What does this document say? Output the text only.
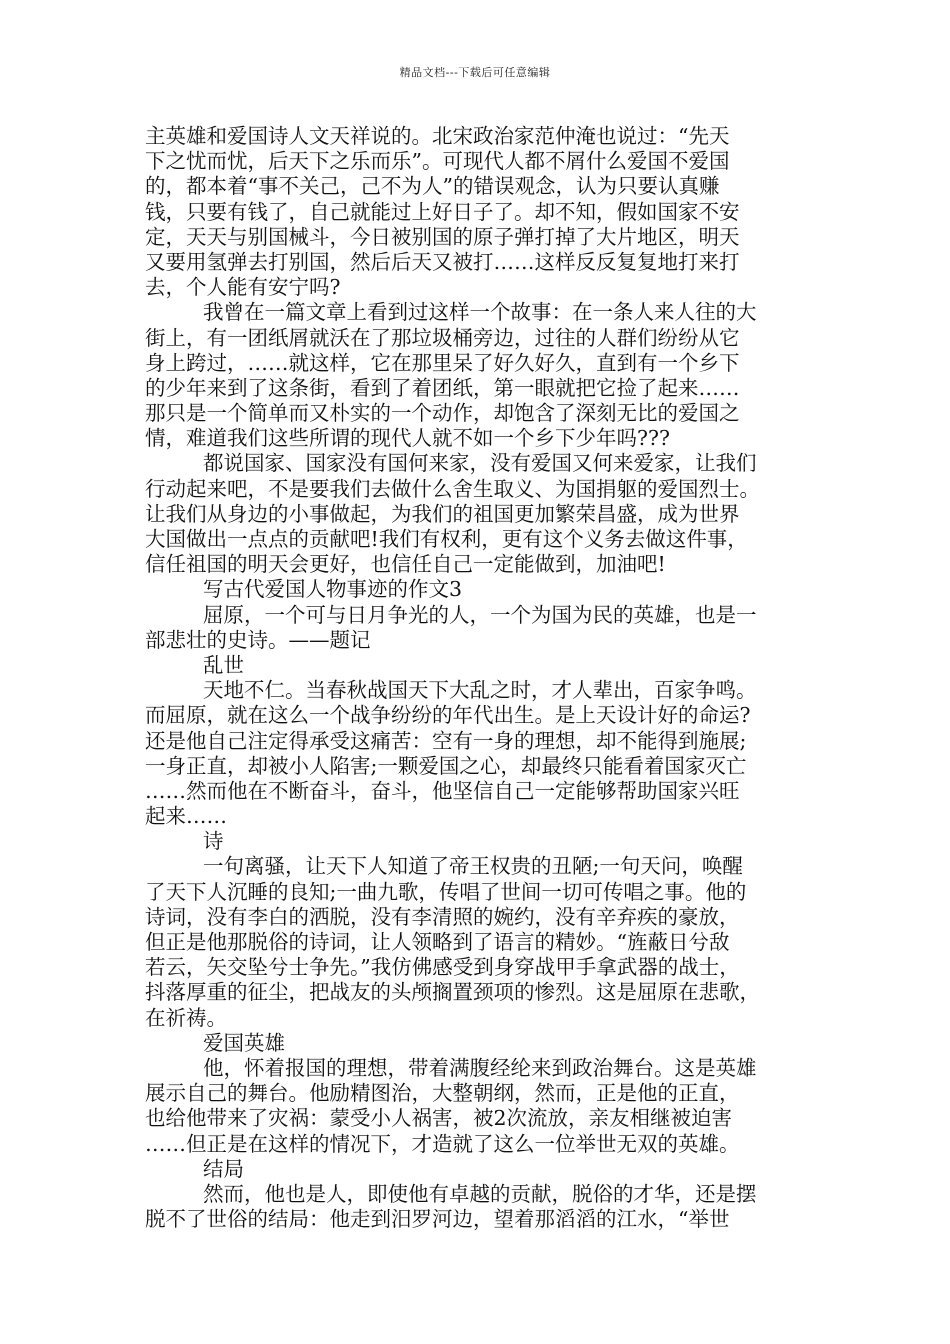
精品文档---下载后可任意编辑
主英雄和爱国诗人文天祥说的。北宋政治家范仲淹也说过：“先天
下之忧而忧，后天下之乐而乐”。可现代人都不屑什么爱国不爱国
的，都本着“事不关己，己不为人”的错误观念，认为只要认真赚
钱，只要有钱了，自己就能过上好日子了。却不知，假如国家不安
定，天天与别国械斗，今日被别国的原子弹打掉了大片地区，明天
又要用氢弹去打别国，然后后天又被打……这样反反复复地打来打
去，个人能有安宁吗?
我曾在一篇文章上看到过这样一个故事：在一条人来人往的大
街上，有一团纸屑就沃在了那垃圾桶旁边，过往的人群们纷纷从它
身上跨过，……就这样，它在那里呆了好久好久，直到有一个乡下
的少年来到了这条街，看到了着团纸，第一眼就把它捡了起来……
那只是一个简单而又朴实的一个动作，却饱含了深刻无比的爱国之
情，难道我们这些所谓的现代人就不如一个乡下少年吗???
都说国家、国家没有国何来家，没有爱国又何来爱家，让我们
行动起来吧，不是要我们去做什么舍生取义、为国捐躯的爱国烈士。
让我们从身边的小事做起，为我们的祖国更加繁荣昌盛，成为世界
大国做出一点点的贡献吧!我们有权利，更有这个义务去做这件事，
信任祖国的明天会更好，也信任自己一定能做到，加油吧!
写古代爱国人物事迹的作文3
屈原，一个可与日月争光的人，一个为国为民的英雄，也是一
部悲壮的史诗。——题记
乱世
天地不仁。当春秋战国天下大乱之时，才人辈出，百家争鸣。
而屈原，就在这么一个战争纷纷的年代出生。是上天设计好的命运?
还是他自己注定得承受这痛苦：空有一身的理想，却不能得到施展;
一身正直，却被小人陷害;一颗爱国之心，却最终只能看着国家灭亡
……然而他在不断奋斗，奋斗，他坚信自己一定能够帮助国家兴旺
起来……
诗
一句离骚，让天下人知道了帝王权贵的丑陋;一句天问，唤醒
了天下人沉睡的良知;一曲九歌，传唱了世间一切可传唱之事。他的
诗词，没有李白的洒脱，没有李清照的婉约，没有辛弃疾的豪放，
但正是他那脱俗的诗词，让人领略到了语言的精妙。“旌蔽日兮敌
若云，矢交坠兮士争先。”我仿佛感受到身穿战甲手拿武器的战士，
抖落厚重的征尘，把战友的头颅搁置颈项的惨烈。这是屈原在悲歌，
在祈祷。
爱国英雄
他，怀着报国的理想，带着满腹经纶来到政治舞台。这是英雄
展示自己的舞台。他励精图治，大整朝纲，然而，正是他的正直，
也给他带来了灾祸：蒙受小人祸害，被2次流放，亲友相继被迫害
……但正是在这样的情况下，才造就了这么一位举世无双的英雄。
结局
然而，他也是人，即使他有卓越的贡献，脱俗的才华，还是摆
脱不了世俗的结局：他走到汨罗河边，望着那滔滔的江水，“举世
